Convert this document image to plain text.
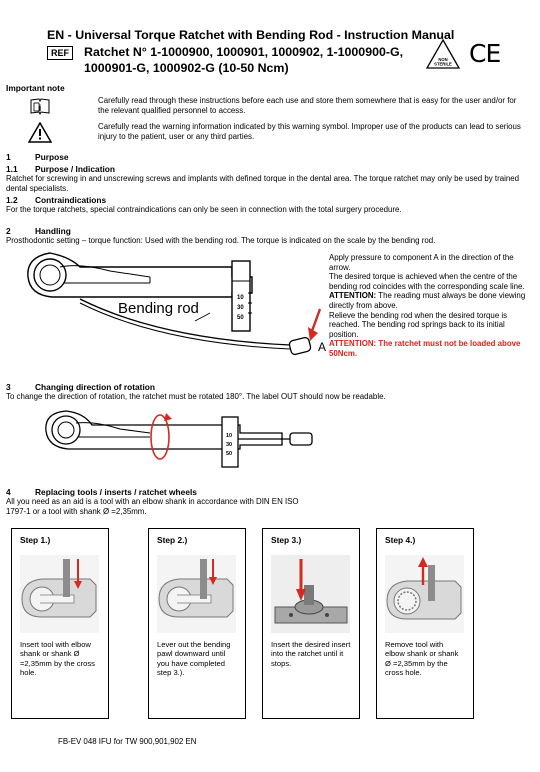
EN - Universal Torque Ratchet with Bending Rod - Instruction Manual
REF	Ratchet N° 1-1000900, 1000901, 1000902, 1-1000900-G, 1000901-G, 1000902-G (10-50 Ncm)
NON
STERILE CE
Important note
i
Carefully read through these instructions before each use and store them somewhere that is easy for the user and/or for the relevant qualified personnel to access.
Carefully read the warning information indicated by this warning symbol. Improper use of the products can lead to serious injury to the patient, user or any third parties.
1	Purpose
1.1 Purpose / Indication
Ratchet for screwing in and unscrewing screws and implants with defined torque in the dental area. The torque ratchet may only be used by trained dental specialists.
1.2 Contraindications
For the torque ratchets, special contraindications can only be seen in connection with the total surgery procedure.
2	Handling
Prosthodontic setting – torque function: Used with the bending rod. The torque is indicated on the scale by the bending rod.
10
30
50
A
Bending rod
Apply pressure to component A in the direction of the arrow.
The desired torque is achieved when the centre of the bending rod coincides with the corresponding scale line. ATTENTION: The reading must always be done viewing directly from above.
Relieve the bending rod when the desired torque is reached. The bending rod springs back to its initial position.
ATTENTION: The ratchet must not be loaded above 50Ncm.
3	Changing direction of rotation
To change the direction of rotation, the ratchet must be rotated 180°. The label OUT should now be readable.
10
30
50
4	Replacing tools / inserts / ratchet wheels
All you need as an aid is a tool with an elbow shank in accordance with DIN EN ISO 1797-1 or a tool with shank Ø =2,35mm.
Step 1.)
Insert tool with elbow shank or shank Ø =2,35mm by the cross hole.
Step 2.)
Lever out the bending pawl downward until you have completed step 3.).
Step 3.)
Insert the desired insert into the ratchet until it stops.
Step 4.)
Remove tool with elbow shank or shank Ø =2,35mm by the cross hole.
FB-EV 048 IFU for TW 900,901,902 EN
